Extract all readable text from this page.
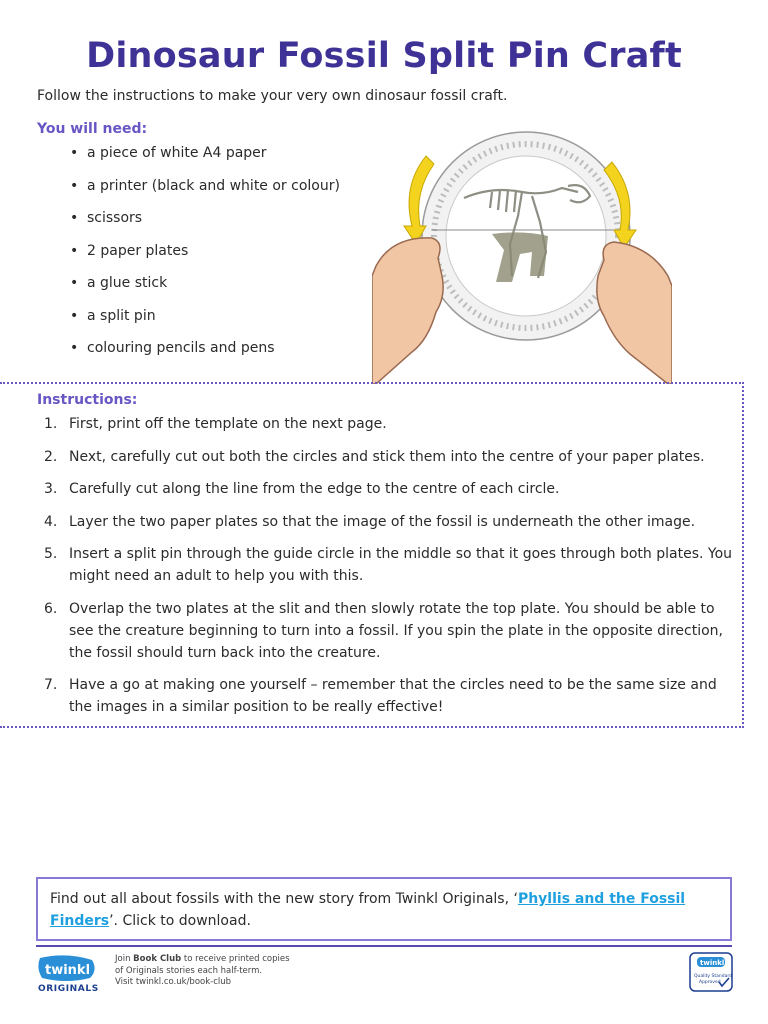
Dinosaur Fossil Split Pin Craft
Follow the instructions to make your very own dinosaur fossil craft.
You will need:
• a piece of white A4 paper
• a printer (black and white or colour)
• scissors
• 2 paper plates
• a glue stick
• a split pin
• colouring pencils and pens
Instructions:
1. First, print off the template on the next page.
2. Next, carefully cut out both the circles and stick them into the centre of your paper plates.
3. Carefully cut along the line from the edge to the centre of each circle.
4. Layer the two paper plates so that the image of the fossil is underneath the other image.
5. Insert a split pin through the guide circle in the middle so that it goes through both plates. You might need an adult to help you with this.
6. Overlap the two plates at the slit and then slowly rotate the top plate. You should be able to see the creature beginning to turn into a fossil. If you spin the plate in the opposite direction, the fossil should turn back into the creature.
7. Have a go at making one yourself – remember that the circles need to be the same size and the images in a similar position to be really effective!
Find out all about fossils with the new story from Twinkl Originals, ‘Phyllis and the Fossil Finders’. Click to download.
twinkl
ORIGINALS
Join Book Club to receive printed copies
of Originals stories each half-term.
Visit twinkl.co.uk/book-club
twinkl
Quality Standard
Approved
